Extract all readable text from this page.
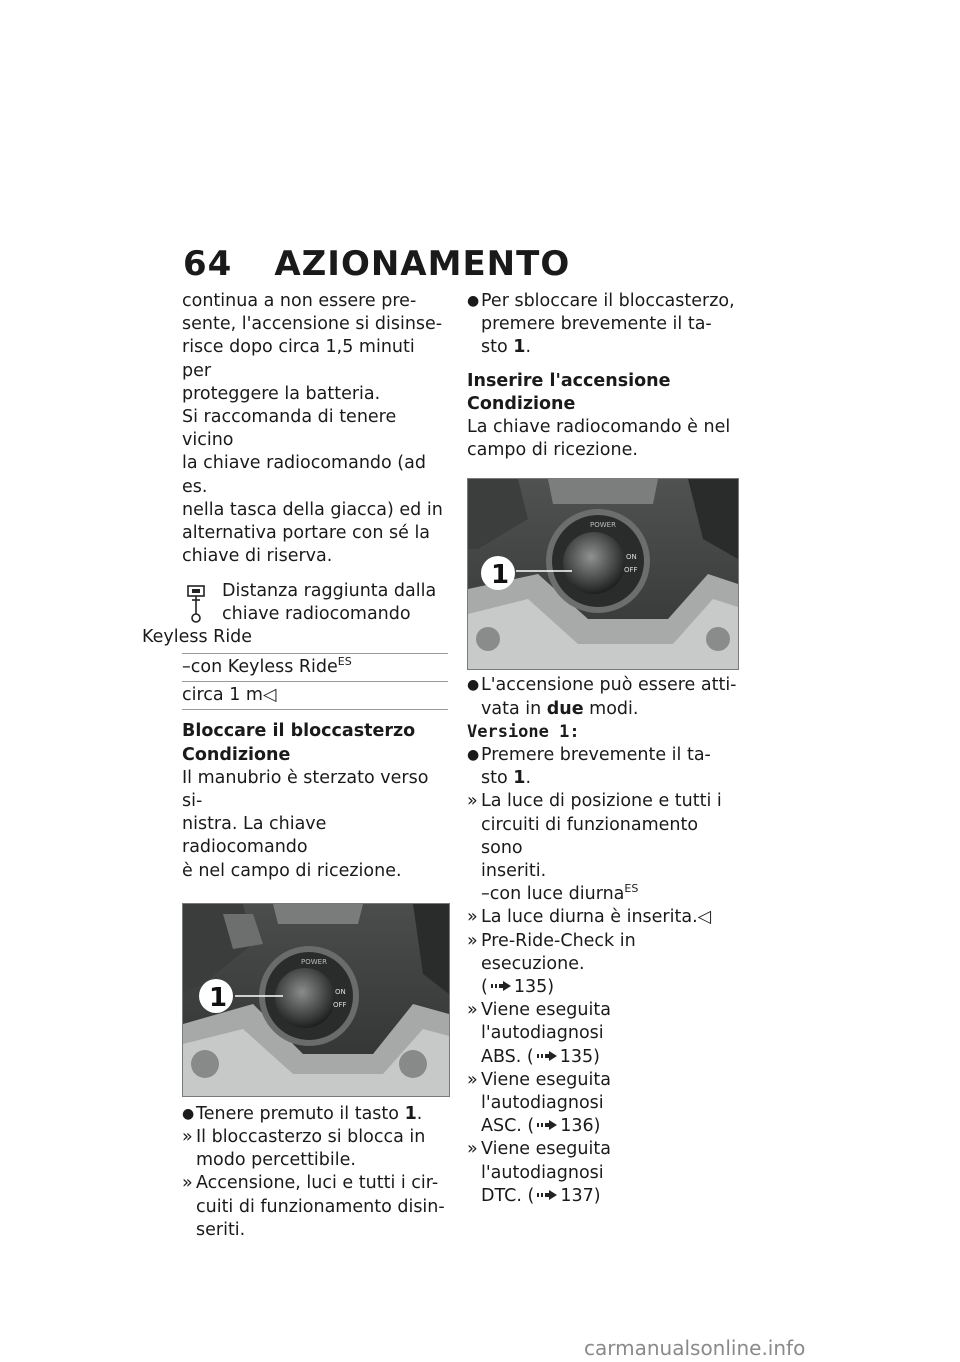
64 AZIONAMENTO

continua a non essere pre-

sente, l'accensione si disinse-

risce dopo circa 1,5 minuti per

proteggere la batteria.

Si raccomanda di tenere vicino

la chiave radiocomando (ad es.

nella tasca della giacca) ed in

alternativa portare con sé la

chiave di riserva.

Distanza raggiunta dalla
chiave radiocomando
Keyless Ride

–con Keyless Ride$^{ES}$
circa 1 m◁

Bloccare il bloccasterzo

Condizione

Il manubrio è sterzato verso si-

nistra. La chiave radiocomando

è nel campo di ricezione.

POWER
ON
OFF
1
● Tenere premuto il tasto 1.
» Il bloccasterzo si blocca in
modo percettibile.
» Accensione, luci e tutti i cir-
cuiti di funzionamento disin-
seriti.
● Per sbloccare il bloccasterzo,
premere brevemente il ta-
sto 1.

Inserire l'accensione

Condizione

La chiave radiocomando è nel

campo di ricezione.

POWER
ON
OFF
1
● L'accensione può essere atti-
vata in due modi.

Versione 1:

● Premere brevemente il ta-
sto 1.
» La luce di posizione e tutti i
circuiti di funzionamento sono
inseriti.
–con luce diurna$^{ES}$
» La luce diurna è inserita.◁
» Pre-Ride-Check in esecuzione.
( 135)
» Viene eseguita l'autodiagnosi
ABS. ( 135)
» Viene eseguita l'autodiagnosi
ASC. ( 136)
» Viene eseguita l'autodiagnosi
DTC. ( 137)
carmanualsonline.info
